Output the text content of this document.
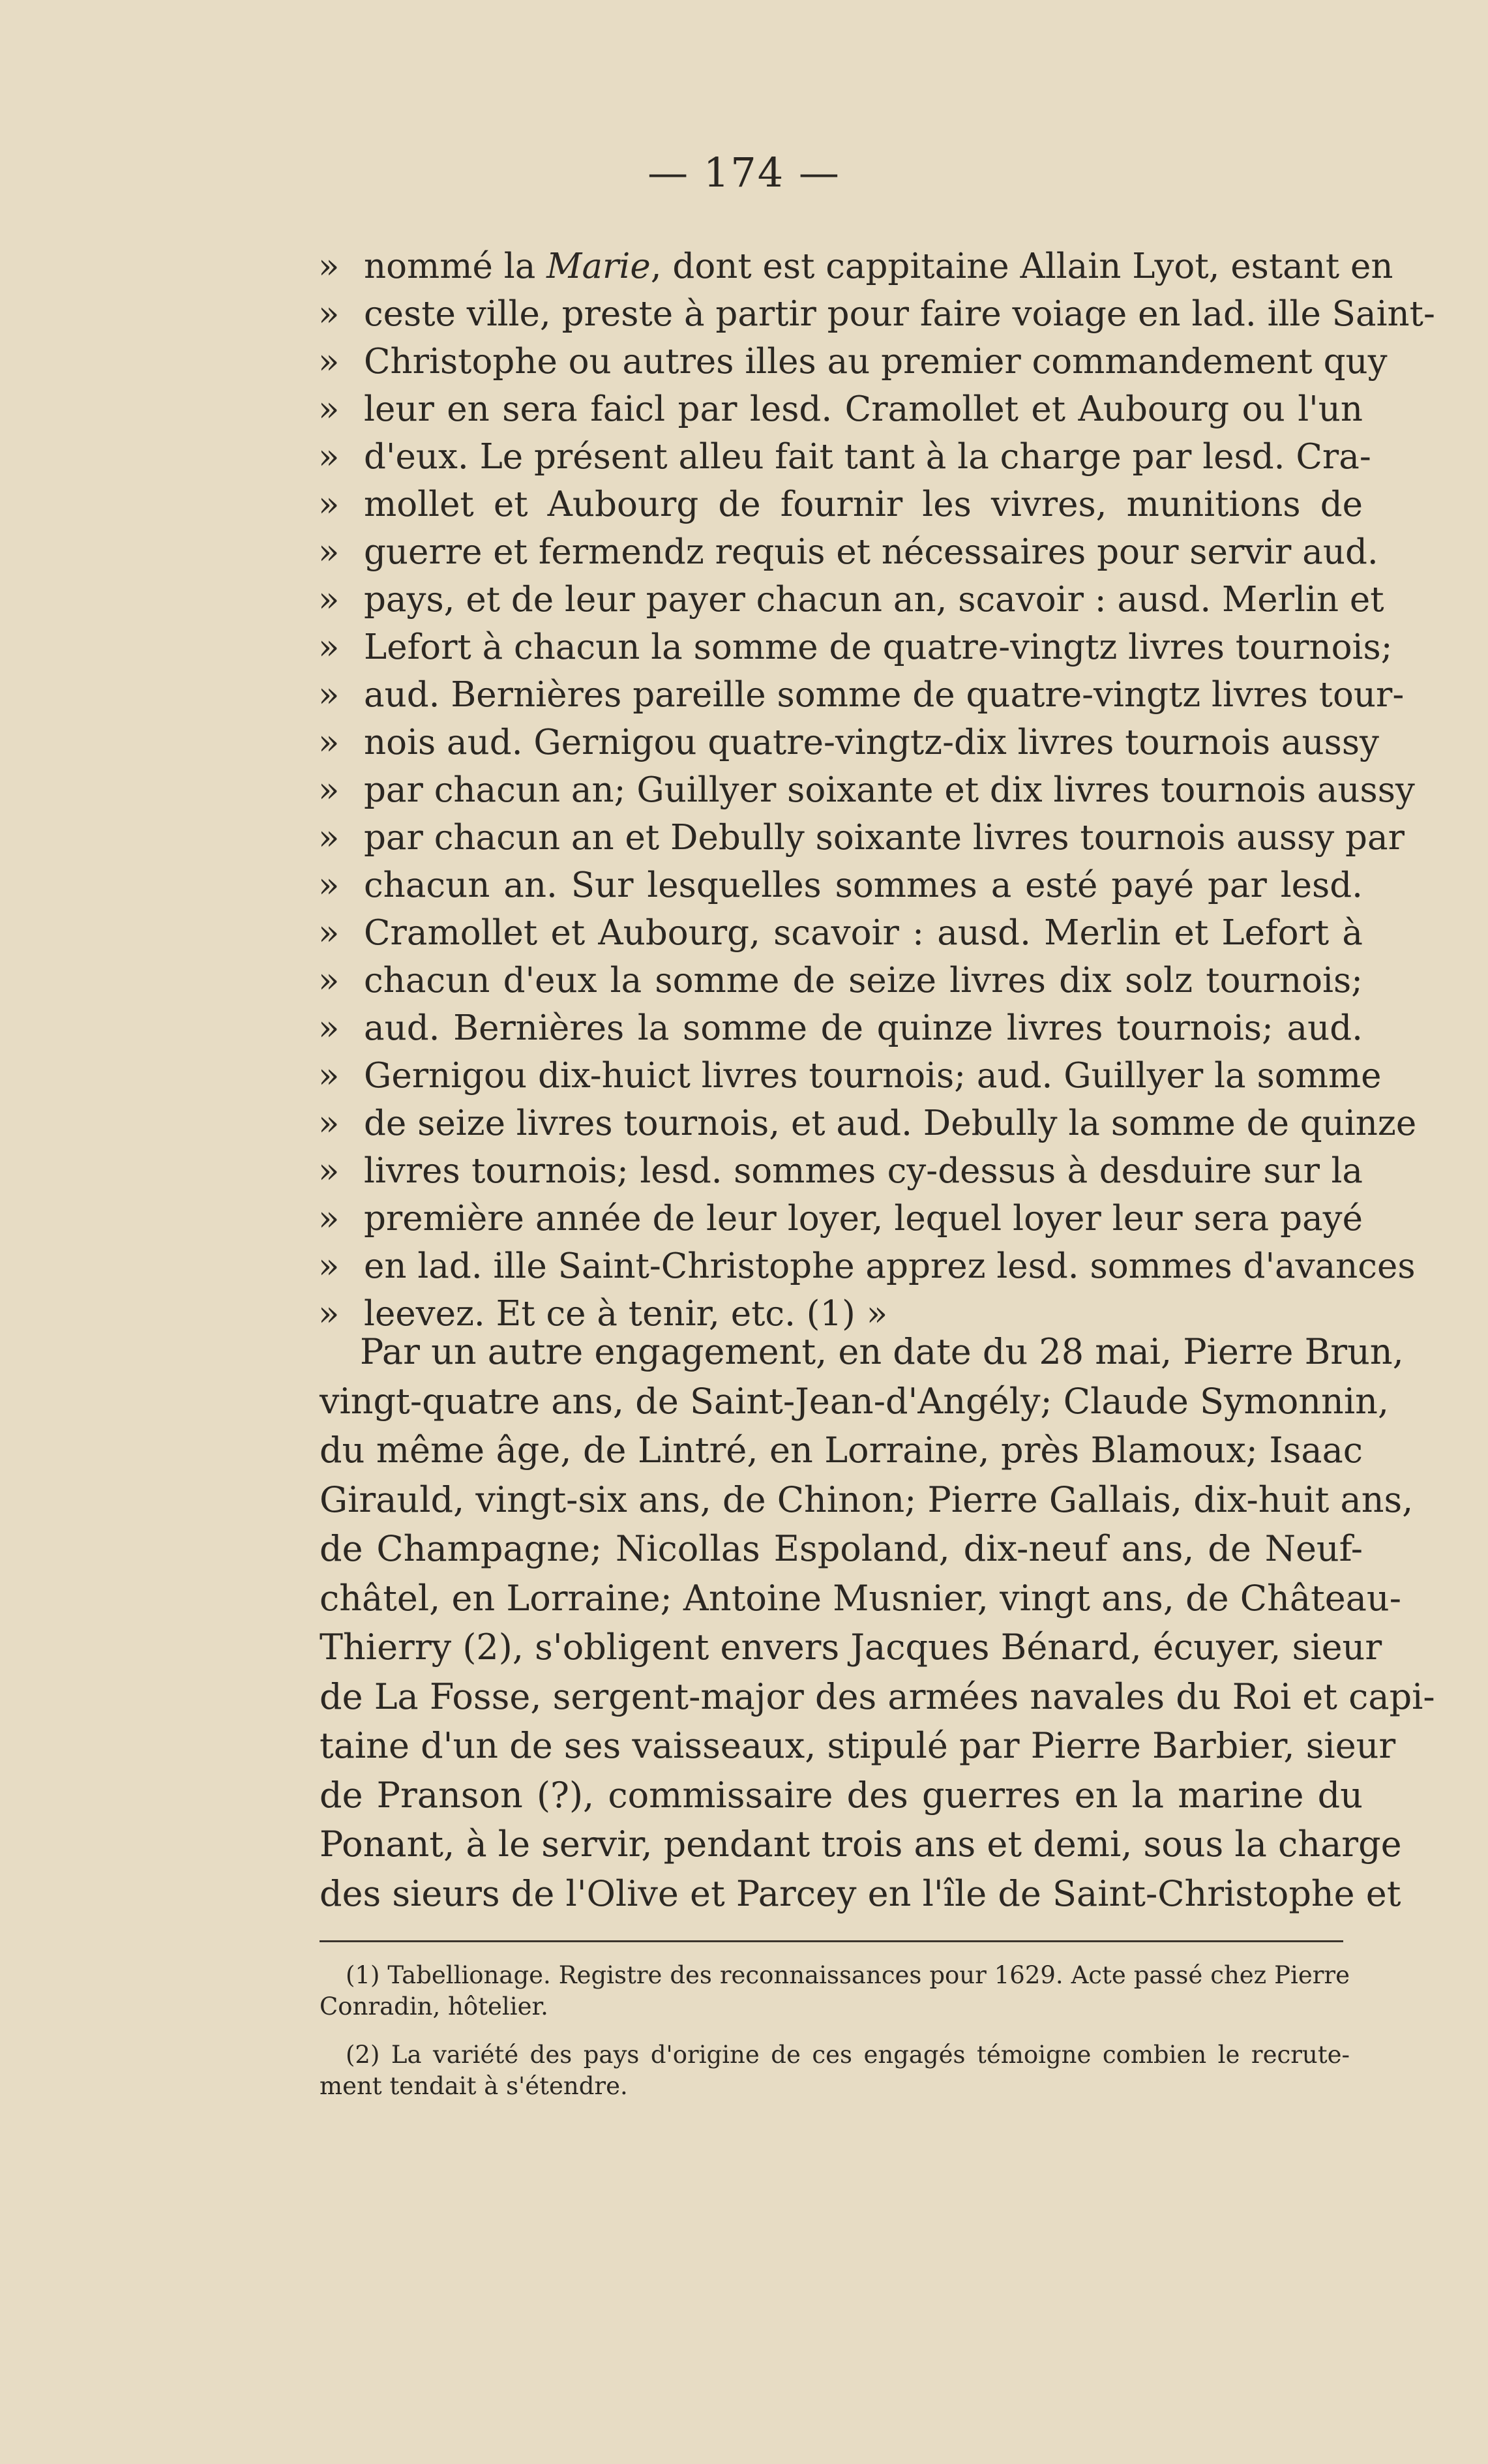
— 174 —
» nommé la Marie, dont est cappitaine Allain Lyot, estant en
» ceste ville, preste à partir pour faire voiage en lad. ille Saint-
» Christophe ou autres illes au premier commandement quy
» leur en sera faicl par lesd. Cramollet et Aubourg ou l'un
» d'eux. Le présent alleu fait tant à la charge par lesd. Cra-
» mollet et Aubourg de fournir les vivres, munitions de
» guerre et fermendz requis et nécessaires pour servir aud.
» pays, et de leur payer chacun an, scavoir : ausd. Merlin et
» Lefort à chacun la somme de quatre-vingtz livres tournois;
» aud. Bernières pareille somme de quatre-vingtz livres tour-
» nois aud. Gernigou quatre-vingtz-dix livres tournois aussy
» par chacun an; Guillyer soixante et dix livres tournois aussy
» par chacun an et Debully soixante livres tournois aussy par
» chacun an. Sur lesquelles sommes a esté payé par lesd.
» Cramollet et Aubourg, scavoir : ausd. Merlin et Lefort à
» chacun d'eux la somme de seize livres dix solz tournois;
» aud. Bernières la somme de quinze livres tournois; aud.
» Gernigou dix-huict livres tournois; aud. Guillyer la somme
» de seize livres tournois, et aud. Debully la somme de quinze
» livres tournois; lesd. sommes cy-dessus à desduire sur la
» première année de leur loyer, lequel loyer leur sera payé
» en lad. ille Saint-Christophe apprez lesd. sommes d'avances
» leevez. Et ce à tenir, etc. (1) »
Par un autre engagement, en date du 28 mai, Pierre Brun,
vingt-quatre ans, de Saint-Jean-d'Angély; Claude Symonnin,
du même âge, de Lintré, en Lorraine, près Blamoux; Isaac
Girauld, vingt-six ans, de Chinon; Pierre Gallais, dix-huit ans,
de Champagne; Nicollas Espoland, dix-neuf ans, de Neuf-
châtel, en Lorraine; Antoine Musnier, vingt ans, de Château-
Thierry (2), s'obligent envers Jacques Bénard, écuyer, sieur
de La Fosse, sergent-major des armées navales du Roi et capi-
taine d'un de ses vaisseaux, stipulé par Pierre Barbier, sieur
de Pranson (?), commissaire des guerres en la marine du
Ponant, à le servir, pendant trois ans et demi, sous la charge
des sieurs de l'Olive et Parcey en l'île de Saint-Christophe et
(1) Tabellionage. Registre des reconnaissances pour 1629. Acte passé chez Pierre
Conradin, hôtelier.
(2) La variété des pays d'origine de ces engagés témoigne combien le recrute-
ment tendait à s'étendre.
